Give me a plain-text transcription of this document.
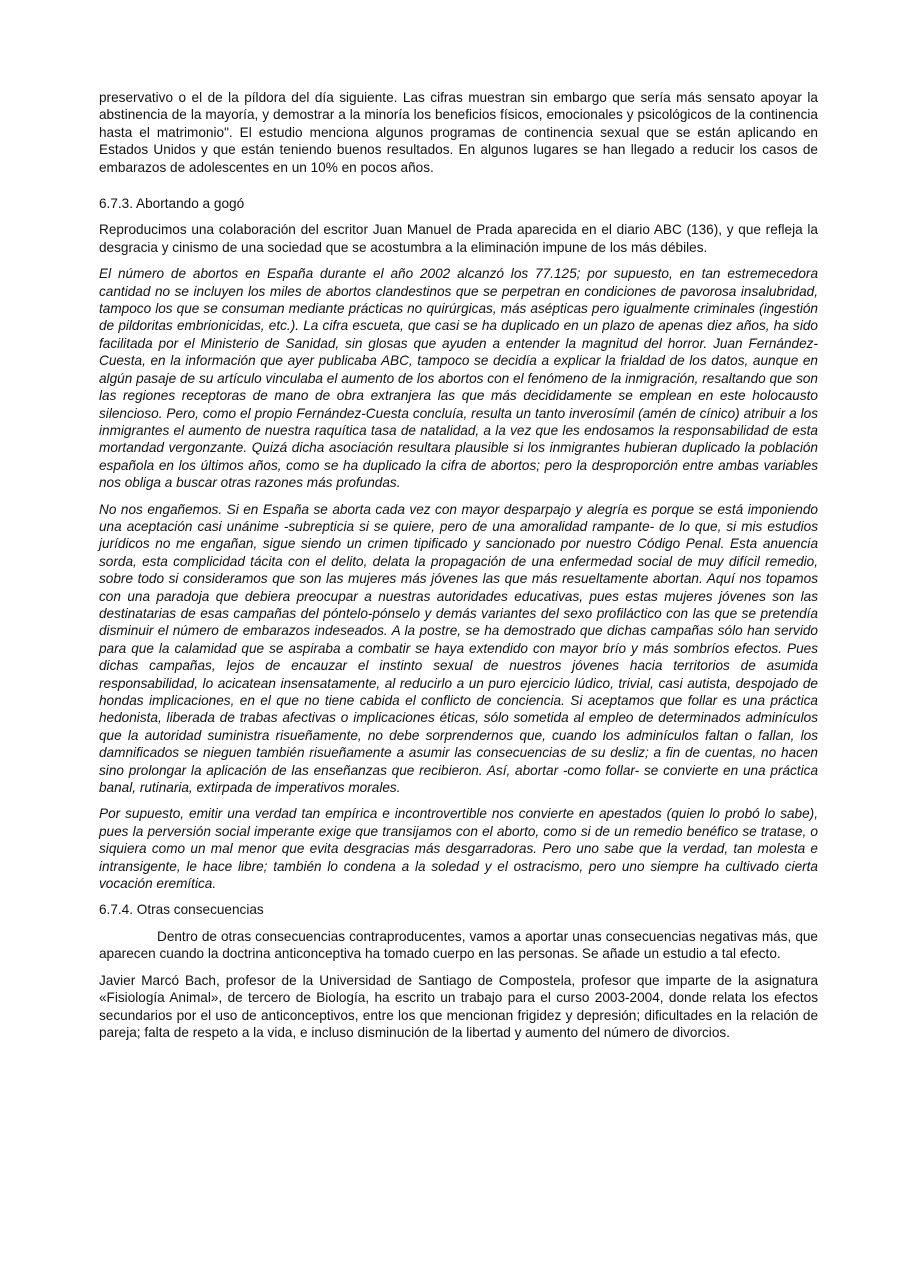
preservativo o el de la píldora del día siguiente. Las cifras muestran sin embargo que sería más sensato apoyar la abstinencia de la mayoría, y demostrar a la minoría los beneficios físicos, emocionales y psicológicos de la continencia hasta el matrimonio". El estudio menciona algunos programas de continencia sexual que se están aplicando en Estados Unidos y que están teniendo buenos resultados. En algunos lugares se han llegado a reducir los casos de embarazos de adolescentes en un 10% en pocos años.

6.7.3. Abortando a gogó

Reproducimos una colaboración del escritor Juan Manuel de Prada aparecida en el diario ABC (136), y que refleja la desgracia y cinismo de una sociedad que se acostumbra a la eliminación impune de los más débiles.

El número de abortos en España durante el año 2002 alcanzó los 77.125; por supuesto, en tan estremecedora cantidad no se incluyen los miles de abortos clandestinos que se perpetran en condiciones de pavorosa insalubridad, tampoco los que se consuman mediante prácticas no quirúrgicas, más asépticas pero igualmente criminales (ingestión de pildoritas embrionicidas, etc.). La cifra escueta, que casi se ha duplicado en un plazo de apenas diez años, ha sido facilitada por el Ministerio de Sanidad, sin glosas que ayuden a entender la magnitud del horror. Juan Fernández-Cuesta, en la información que ayer publicaba ABC, tampoco se decidía a explicar la frialdad de los datos, aunque en algún pasaje de su artículo vinculaba el aumento de los abortos con el fenómeno de la inmigración, resaltando que son las regiones receptoras de mano de obra extranjera las que más decididamente se emplean en este holocausto silencioso. Pero, como el propio Fernández-Cuesta concluía, resulta un tanto inverosímil (amén de cínico) atribuir a los inmigrantes el aumento de nuestra raquítica tasa de natalidad, a la vez que les endosamos la responsabilidad de esta mortandad vergonzante. Quizá dicha asociación resultara plausible si los inmigrantes hubieran duplicado la población española en los últimos años, como se ha duplicado la cifra de abortos; pero la desproporción entre ambas variables nos obliga a buscar otras razones más profundas.

No nos engañemos. Si en España se aborta cada vez con mayor desparpajo y alegría es porque se está imponiendo una aceptación casi unánime -subrepticia si se quiere, pero de una amoralidad rampante- de lo que, si mis estudios jurídicos no me engañan, sigue siendo un crimen tipificado y sancionado por nuestro Código Penal. Esta anuencia sorda, esta complicidad tácita con el delito, delata la propagación de una enfermedad social de muy difícil remedio, sobre todo si consideramos que son las mujeres más jóvenes las que más resueltamente abortan. Aquí nos topamos con una paradoja que debiera preocupar a nuestras autoridades educativas, pues estas mujeres jóvenes son las destinatarias de esas campañas del póntelo-pónselo y demás variantes del sexo profiláctico con las que se pretendía disminuir el número de embarazos indeseados. A la postre, se ha demostrado que dichas campañas sólo han servido para que la calamidad que se aspiraba a combatir se haya extendido con mayor brío y más sombríos efectos. Pues dichas campañas, lejos de encauzar el instinto sexual de nuestros jóvenes hacia territorios de asumida responsabilidad, lo acicatean insensatamente, al reducirlo a un puro ejercicio lúdico, trivial, casi autista, despojado de hondas implicaciones, en el que no tiene cabida el conflicto de conciencia. Si aceptamos que follar es una práctica hedonista, liberada de trabas afectivas o implicaciones éticas, sólo sometida al empleo de determinados adminículos que la autoridad suministra risueñamente, no debe sorprendernos que, cuando los adminículos faltan o fallan, los damnificados se nieguen también risueñamente a asumir las consecuencias de su desliz; a fin de cuentas, no hacen sino prolongar la aplicación de las enseñanzas que recibieron. Así, abortar -como follar- se convierte en una práctica banal, rutinaria, extirpada de imperativos morales.

Por supuesto, emitir una verdad tan empírica e incontrovertible nos convierte en apestados (quien lo probó lo sabe), pues la perversión social imperante exige que transijamos con el aborto, como si de un remedio benéfico se tratase, o siquiera como un mal menor que evita desgracias más desgarradoras. Pero uno sabe que la verdad, tan molesta e intransigente, le hace libre; también lo condena a la soledad y el ostracismo, pero uno siempre ha cultivado cierta vocación eremítica.

6.7.4. Otras consecuencias

Dentro de otras consecuencias contraproducentes, vamos a aportar unas consecuencias negativas más, que aparecen cuando la doctrina anticonceptiva ha tomado cuerpo en las personas. Se añade un estudio a tal efecto.

Javier Marcó Bach, profesor de la Universidad de Santiago de Compostela, profesor que imparte de la asignatura «Fisiología Animal», de tercero de Biología, ha escrito un trabajo para el curso 2003-2004, donde relata los efectos secundarios por el uso de anticonceptivos, entre los que mencionan frigidez y depresión; dificultades en la relación de pareja; falta de respeto a la vida, e incluso disminución de la libertad y aumento del número de divorcios.
